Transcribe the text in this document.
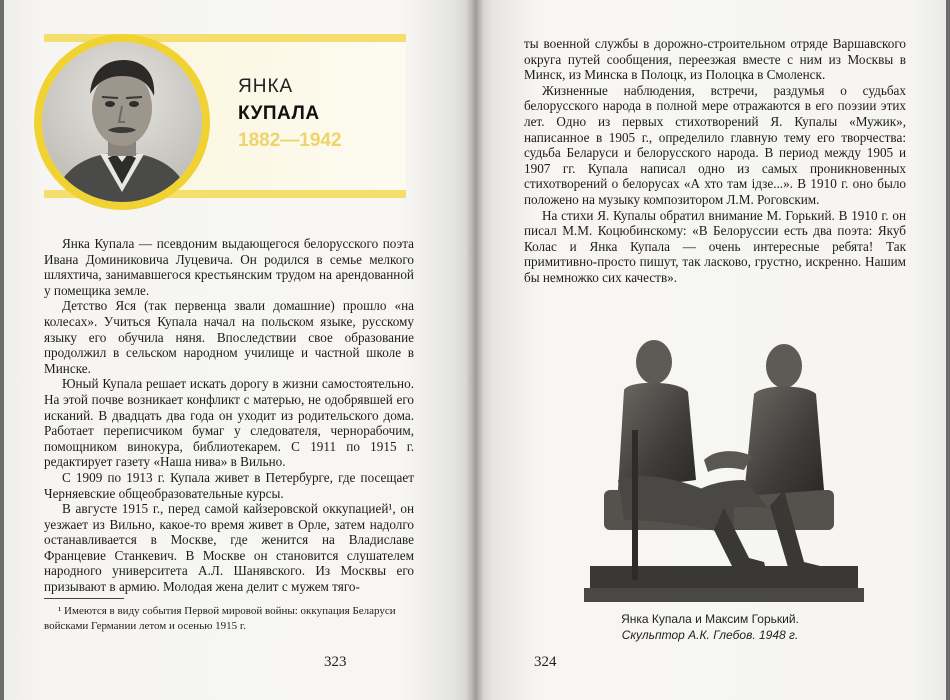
ЯНКА
КУПАЛА
1882—1942

Янка Купала — псевдоним выдающегося белорусского поэта Ивана Доминиковича Луцевича. Он родился в семье мелкого шляхтича, занимавшегося крестьянским трудом на арендованной у помещика земле.

Детство Яся (так первенца звали домашние) прошло «на колесах». Учиться Купала начал на польском языке, русскому языку его обучила няня. Впоследствии свое образование продолжил в сельском народном училище и частной школе в Минске.

Юный Купала решает искать дорогу в жизни самостоятельно. На этой почве возникает конфликт с матерью, не одобрявшей его исканий. В двадцать два года он уходит из родительского дома. Работает переписчиком бумаг у следователя, чернорабочим, помощником винокура, библиотекарем. С 1911 по 1915 г. редактирует газету «Наша нива» в Вильно.

С 1909 по 1913 г. Купала живет в Петербурге, где посещает Черняевские общеобразовательные курсы.

В августе 1915 г., перед самой кайзеровской оккупацией¹, он уезжает из Вильно, какое-то время живет в Орле, затем надолго останавливается в Москве, где женится на Владиславе Францевие Станкевич. В Москве он становится слушателем народного университета А.Л. Шанявского. Из Москвы его призывают в армию. Молодая жена делит с мужем тяго-

¹ Имеются в виду события Первой мировой войны: оккупация Беларуси войсками Германии летом и осенью 1915 г.
323

ты военной службы в дорожно-строительном отряде Варшавского округа путей сообщения, переезжая вместе с ним из Москвы в Минск, из Минска в Полоцк, из Полоцка в Смоленск.

Жизненные наблюдения, встречи, раздумья о судьбах белорусского народа в полной мере отражаются в его поэзии этих лет. Одно из первых стихотворений Я. Купалы «Мужик», написанное в 1905 г., определило главную тему его творчества: судьба Беларуси и белорусского народа. В период между 1905 и 1907 гг. Купала написал одно из самых проникновенных стихотворений о белорусах «А хто там ідзе...». В 1910 г. оно было положено на музыку композитором Л.М. Роговским.

На стихи Я. Купалы обратил внимание М. Горький. В 1910 г. он писал М.М. Коцюбинскому: «В Белоруссии есть два поэта: Якуб Колас и Янка Купала — очень интересные ребята! Так примитивно-просто пишут, так ласково, грустно, искренно. Нашим бы немножко сих качеств».

Янка Купала и Максим Горький.
Скульптор А.К. Глебов. 1948 г.
324
